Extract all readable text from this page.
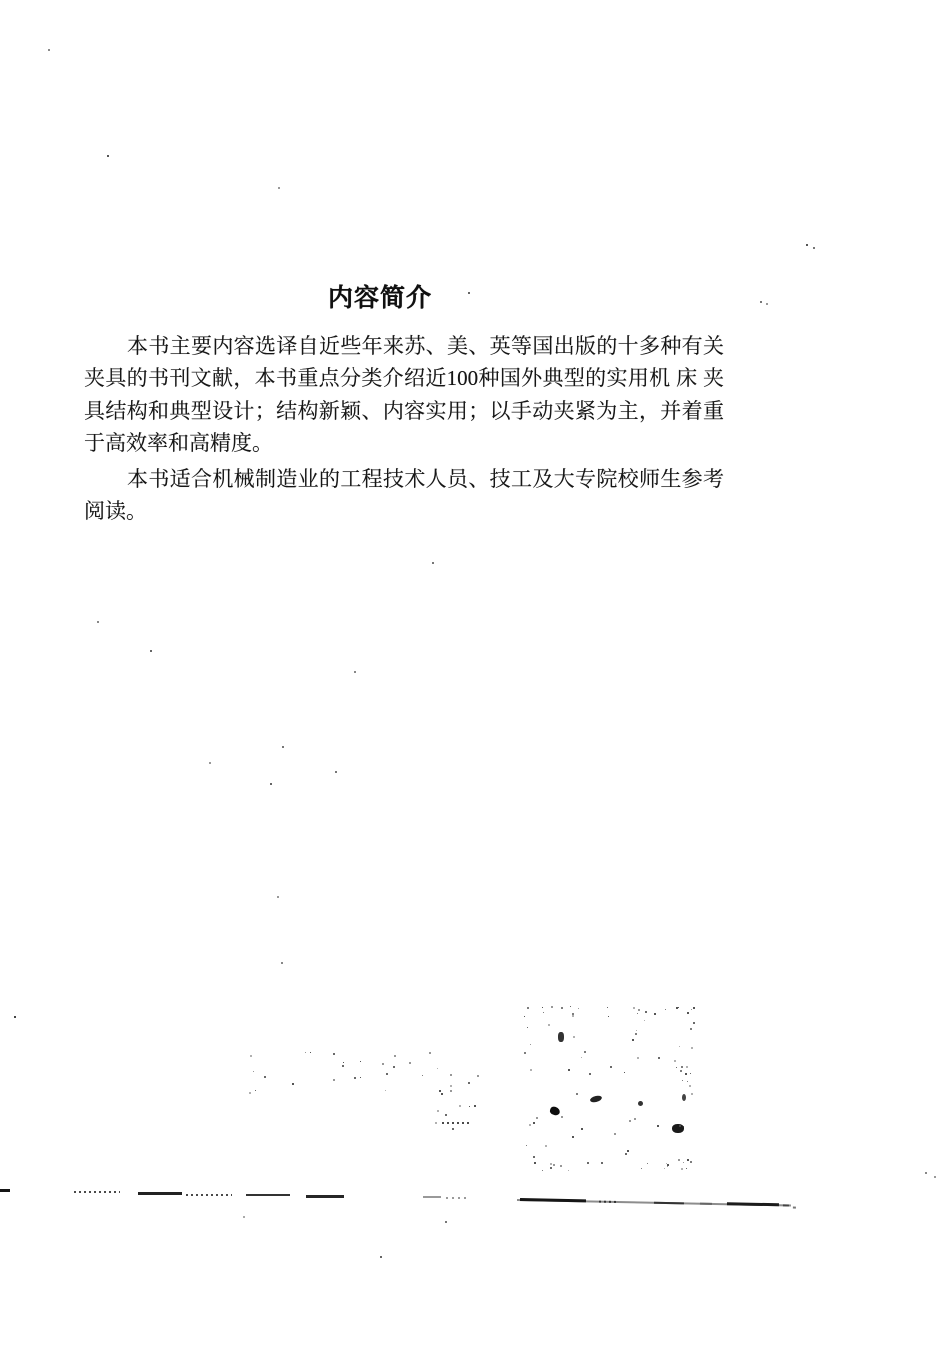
内容简介
本书主要内容选译自近些年来苏、美、英等国出版的十多种有关
夹具的书刊文献，本书重点分类介绍近100种国外典型的实用机 床 夹
具结构和典型设计；结构新颖、内容实用；以手动夹紧为主，并着重
于高效率和高精度。
本书适合机械制造业的工程技术人员、技工及大专院校师生参考
阅读。
